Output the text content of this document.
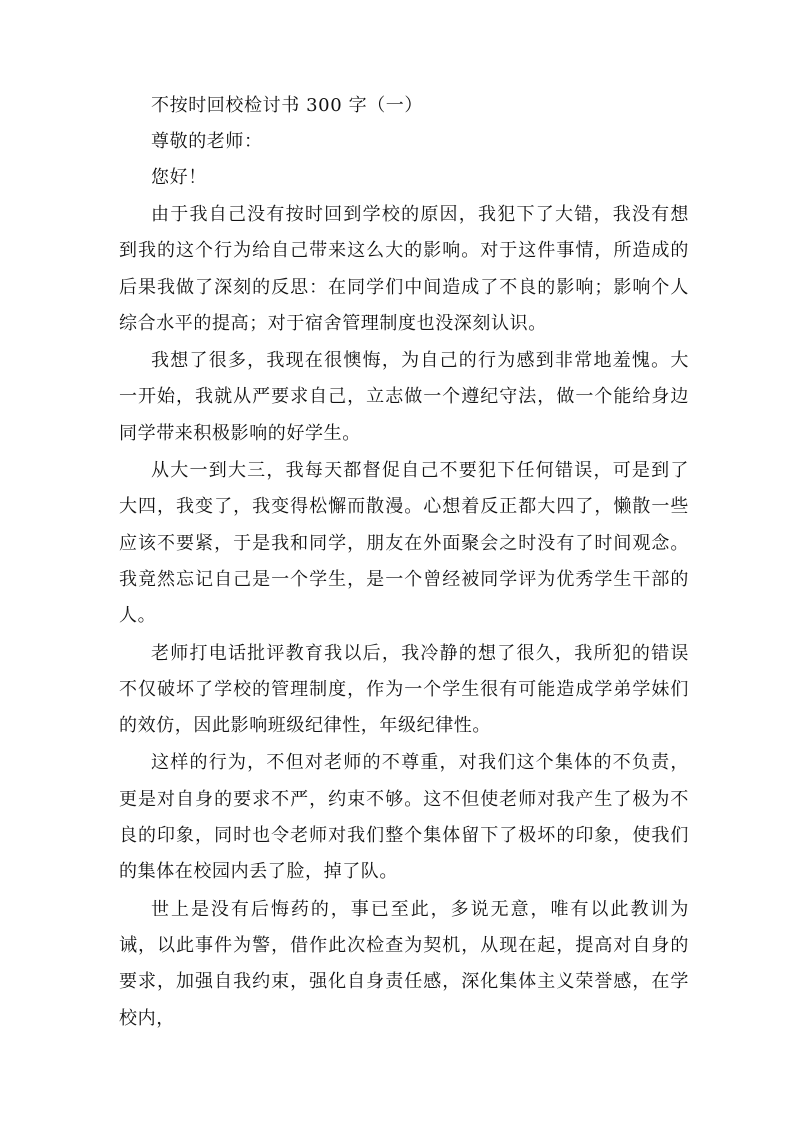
不按时回校检讨书 300 字（一）

尊敬的老师：

您好！

由于我自己没有按时回到学校的原因，我犯下了大错，我没有想到我的这个行为给自己带来这么大的影响。对于这件事情，所造成的后果我做了深刻的反思：在同学们中间造成了不良的影响；影响个人综合水平的提高；对于宿舍管理制度也没深刻认识。

我想了很多，我现在很懊悔，为自己的行为感到非常地羞愧。大一开始，我就从严要求自己，立志做一个遵纪守法，做一个能给身边同学带来积极影响的好学生。

从大一到大三，我每天都督促自己不要犯下任何错误，可是到了大四，我变了，我变得松懈而散漫。心想着反正都大四了，懒散一些应该不要紧，于是我和同学，朋友在外面聚会之时没有了时间观念。我竟然忘记自己是一个学生，是一个曾经被同学评为优秀学生干部的人。

老师打电话批评教育我以后，我冷静的想了很久，我所犯的错误不仅破坏了学校的管理制度，作为一个学生很有可能造成学弟学妹们的效仿，因此影响班级纪律性，年级纪律性。

这样的行为，不但对老师的不尊重，对我们这个集体的不负责，更是对自身的要求不严，约束不够。这不但使老师对我产生了极为不良的印象，同时也令老师对我们整个集体留下了极坏的印象，使我们的集体在校园内丢了脸，掉了队。

世上是没有后悔药的，事已至此，多说无意，唯有以此教训为诫，以此事件为警，借作此次检查为契机，从现在起，提高对自身的要求，加强自我约束，强化自身责任感，深化集体主义荣誉感，在学校内，
